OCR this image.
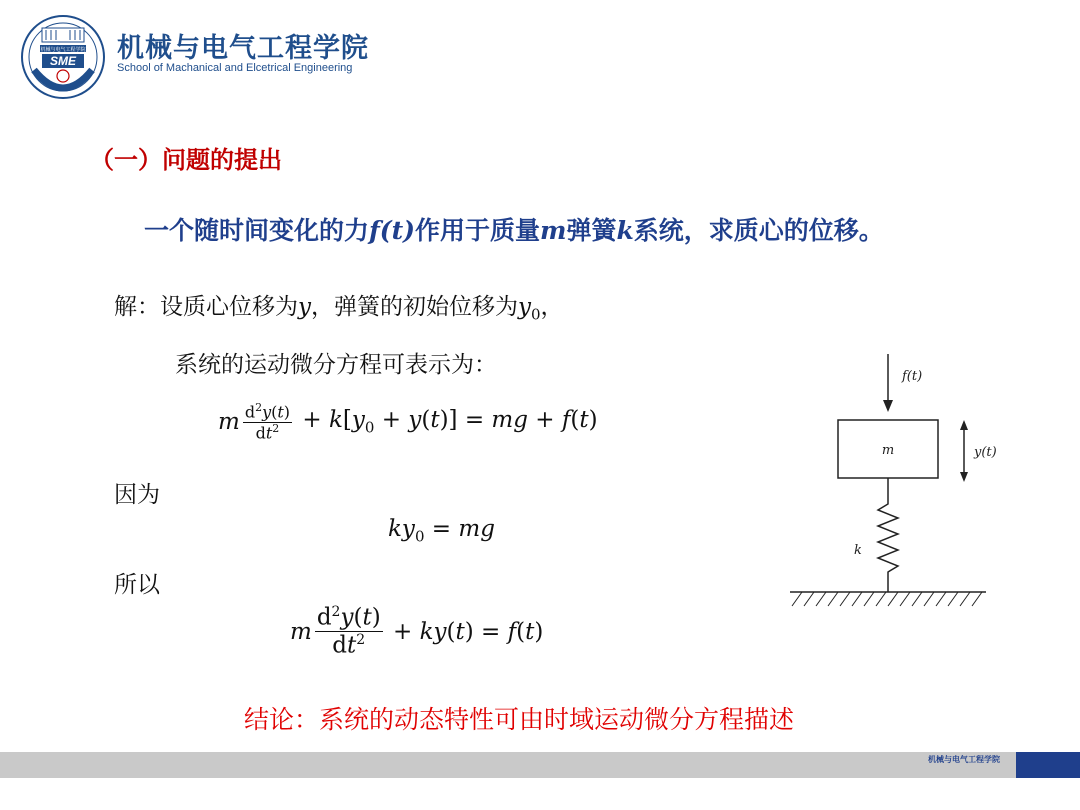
机械与电气工程学院
SME 机械与电气工程学院
School of Machanical and Elcetrical Engineering
（一）问题的提出
一个随时间变化的力f(t)作用于质量m弹簧k系统，求质心的位移。
解：设质心位移为y，弹簧的初始位移为$y_0$，
系统的运动微分方程可表示为：
m $\frac{d^2y(t)}{dt^2} + k[y_0 + y(t)]$ = mg + f(t)
因为
$ky_0$ = mg
所以
m $\frac{d^2y(t)}{dt^2} + ky(t) = f(t)$
f(t)
m	y(t)
k
结论：系统的动态特性可由时域运动微分方程描述
机械与电气工程学院
